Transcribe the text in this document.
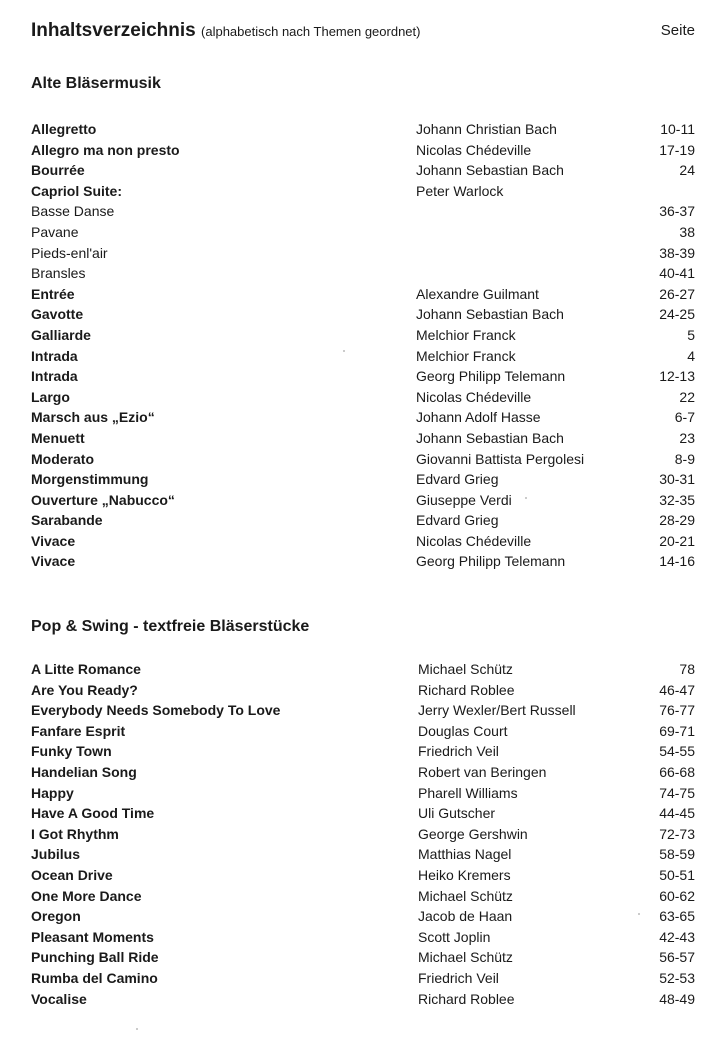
Inhaltsverzeichnis (alphabetisch nach Themen geordnet)	Seite
Alte Bläsermusik
Allegretto	Johann Christian Bach	10-11
Allegro ma non presto	Nicolas Chédeville	17-19
Bourrée	Johann Sebastian Bach	24
Capriol Suite:	Peter Warlock
Basse Danse	36-37
Pavane	38
Pieds-enl'air	38-39
Bransles	40-41
Entrée	Alexandre Guilmant	26-27
Gavotte	Johann Sebastian Bach	24-25
Galliarde	Melchior Franck	5
Intrada	Melchior Franck	4
Intrada	Georg Philipp Telemann	12-13
Largo	Nicolas Chédeville	22
Marsch aus „Ezio“	Johann Adolf Hasse	6-7
Menuett	Johann Sebastian Bach	23
Moderato	Giovanni Battista Pergolesi	8-9
Morgenstimmung	Edvard Grieg	30-31
Ouverture „Nabucco“	Giuseppe Verdi	32-35
Sarabande	Edvard Grieg	28-29
Vivace	Nicolas Chédeville	20-21
Vivace	Georg Philipp Telemann	14-16
Pop & Swing - textfreie Bläserstücke
A Litte Romance	Michael Schütz	78
Are You Ready?	Richard Roblee	46-47
Everybody Needs Somebody To Love	Jerry Wexler/Bert Russell	76-77
Fanfare Esprit	Douglas Court	69-71
Funky Town	Friedrich Veil	54-55
Handelian Song	Robert van Beringen	66-68
Happy	Pharell Williams	74-75
Have A Good Time	Uli Gutscher	44-45
I Got Rhythm	George Gershwin	72-73
Jubilus	Matthias Nagel	58-59
Ocean Drive	Heiko Kremers	50-51
One More Dance	Michael Schütz	60-62
Oregon	Jacob de Haan	63-65
Pleasant Moments	Scott Joplin	42-43
Punching Ball Ride	Michael Schütz	56-57
Rumba del Camino	Friedrich Veil	52-53
Vocalise	Richard Roblee	48-49
